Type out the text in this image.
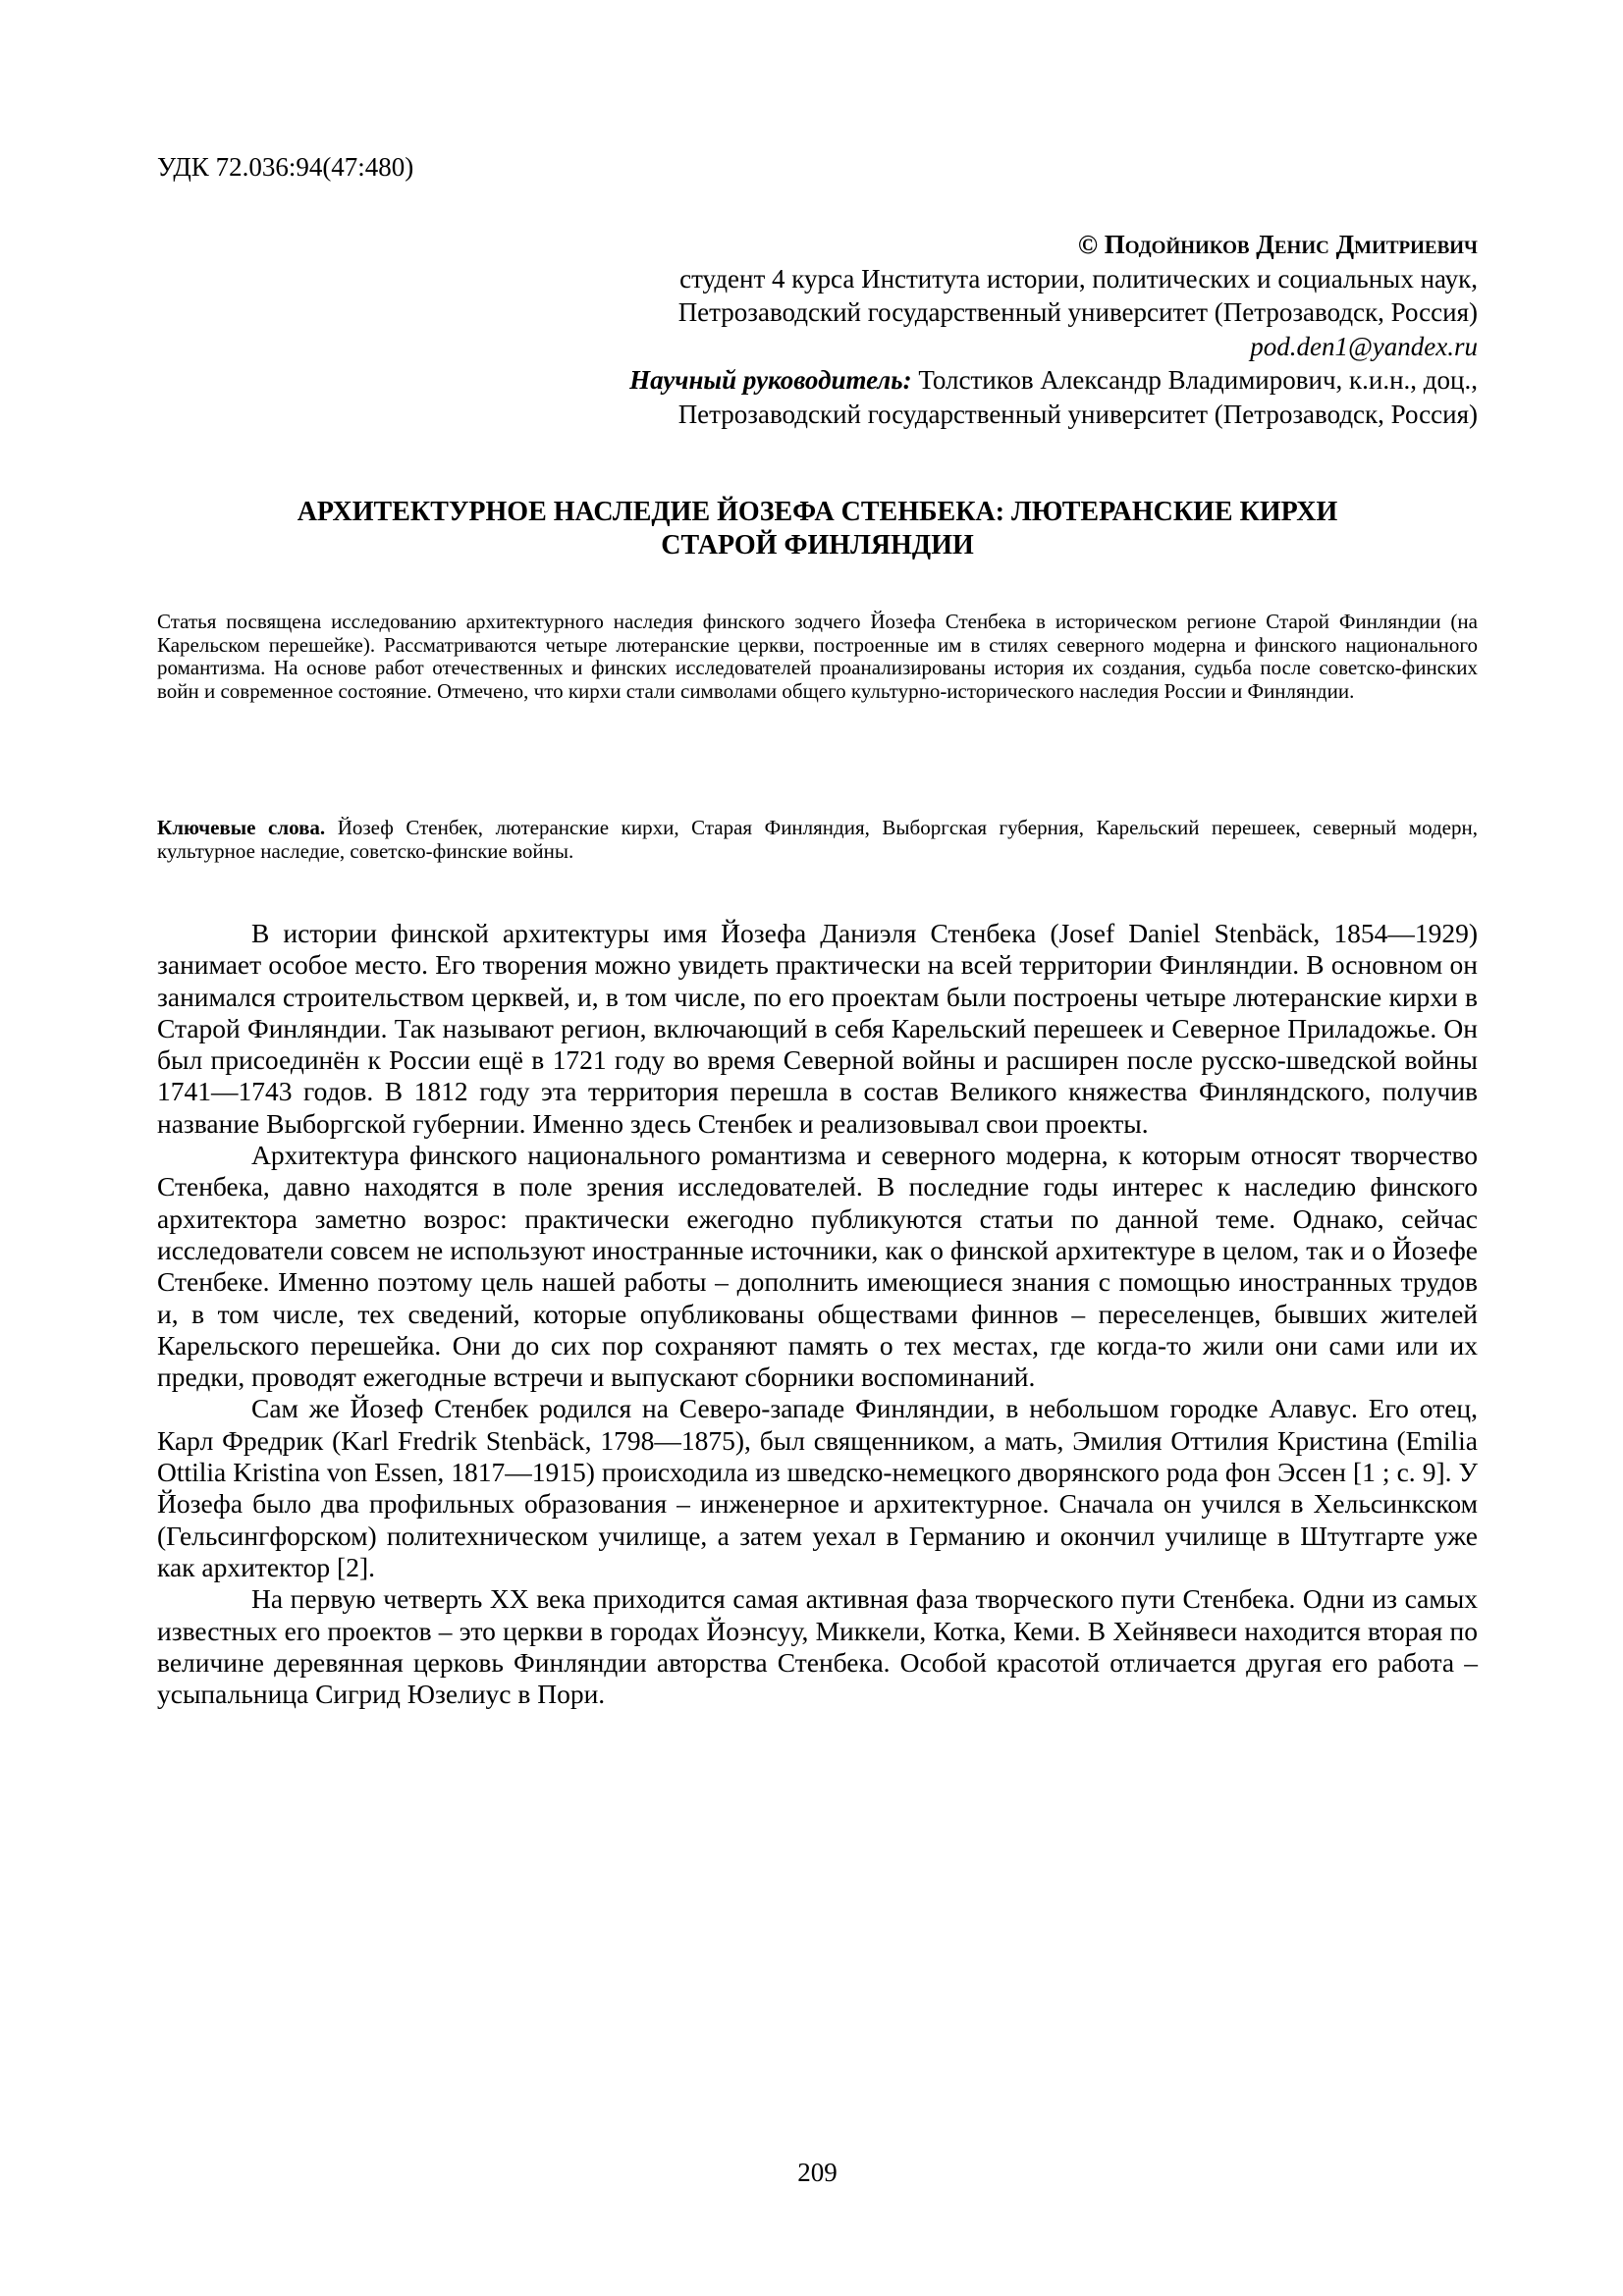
УДК 72.036:94(47:480)
© Подойников Денис Дмитриевич
студент 4 курса Института истории, политических и социальных наук,
Петрозаводский государственный университет (Петрозаводск, Россия)
pod.den1@yandex.ru
Научный руководитель: Толстиков Александр Владимирович, к.и.н., доц.,
Петрозаводский государственный университет (Петрозаводск, Россия)
АРХИТЕКТУРНОЕ НАСЛЕДИЕ ЙОЗЕФА СТЕНБЕКА: ЛЮТЕРАНСКИЕ КИРХИ
СТАРОЙ ФИНЛЯНДИИ
Статья посвящена исследованию архитектурного наследия финского зодчего Йозефа Стенбека в историческом регионе Старой Финляндии (на Карельском перешейке). Рассматриваются четыре лютеранские церкви, построенные им в стилях северного модерна и финского национального романтизма. На основе работ отечественных и финских исследователей проанализированы история их создания, судьба после советско-финских войн и современное состояние. Отмечено, что кирхи стали символами общего культурно-исторического наследия России и Финляндии.
Ключевые слова. Йозеф Стенбек, лютеранские кирхи, Старая Финляндия, Выборгская губерния, Карельский перешеек, северный модерн, культурное наследие, советско-финские войны.

В истории финской архитектуры имя Йозефа Даниэля Стенбека (Josef Daniel Stenbäck, 1854—1929) занимает особое место. Его творения можно увидеть практически на всей территории Финляндии. В основном он занимался строительством церквей, и, в том числе, по его проектам были построены четыре лютеранские кирхи в Старой Финляндии. Так называют регион, включающий в себя Карельский перешеек и Северное Приладожье. Он был присоединён к России ещё в 1721 году во время Северной войны и расширен после русско-шведской войны 1741—1743 годов. В 1812 году эта территория перешла в состав Великого княжества Финляндского, получив название Выборгской губернии. Именно здесь Стенбек и реализовывал свои проекты.

Архитектура финского национального романтизма и северного модерна, к которым относят творчество Стенбека, давно находятся в поле зрения исследователей. В последние годы интерес к наследию финского архитектора заметно возрос: практически ежегодно публикуются статьи по данной теме. Однако, сейчас исследователи совсем не используют иностранные источники, как о финской архитектуре в целом, так и о Йозефе Стенбеке. Именно поэтому цель нашей работы – дополнить имеющиеся знания с помощью иностранных трудов и, в том числе, тех сведений, которые опубликованы обществами финнов – переселенцев, бывших жителей Карельского перешейка. Они до сих пор сохраняют память о тех местах, где когда-то жили они сами или их предки, проводят ежегодные встречи и выпускают сборники воспоминаний.

Сам же Йозеф Стенбек родился на Северо-западе Финляндии, в небольшом городке Алавус. Его отец, Карл Фредрик (Karl Fredrik Stenbäck, 1798—1875), был священником, а мать, Эмилия Оттилия Кристина (Emilia Ottilia Kristina von Essen, 1817—1915) происходила из шведско-немецкого дворянского рода фон Эссен [1 ; с. 9]. У Йозефа было два профильных образования – инженерное и архитектурное. Сначала он учился в Хельсинкском (Гельсингфорском) политехническом училище, а затем уехал в Германию и окончил училище в Штутгарте уже как архитектор [2].

На первую четверть XX века приходится самая активная фаза творческого пути Стенбека. Одни из самых известных его проектов – это церкви в городах Йоэнсуу, Миккели, Котка, Кеми. В Хейнявеси находится вторая по величине деревянная церковь Финляндии авторства Стенбека. Особой красотой отличается другая его работа – усыпальница Сигрид Юзелиус в Пори.

209
